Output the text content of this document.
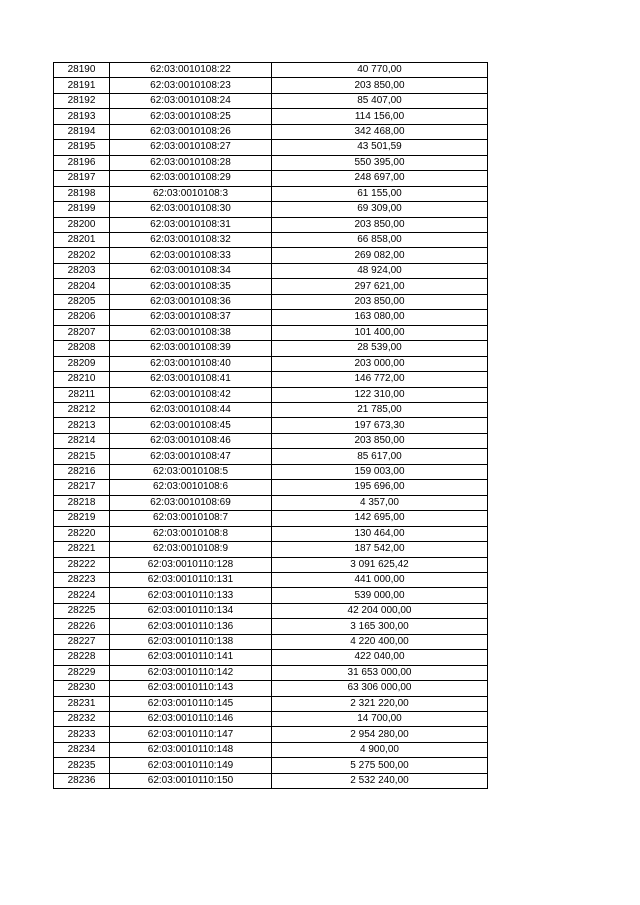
28190	62:03:0010108:22	40 770,00
28191	62:03:0010108:23	203 850,00
28192	62:03:0010108:24	85 407,00
28193	62:03:0010108:25	114 156,00
28194	62:03:0010108:26	342 468,00
28195	62:03:0010108:27	43 501,59
28196	62:03:0010108:28	550 395,00
28197	62:03:0010108:29	248 697,00
28198	62:03:0010108:3	61 155,00
28199	62:03:0010108:30	69 309,00
28200	62:03:0010108:31	203 850,00
28201	62:03:0010108:32	66 858,00
28202	62:03:0010108:33	269 082,00
28203	62:03:0010108:34	48 924,00
28204	62:03:0010108:35	297 621,00
28205	62:03:0010108:36	203 850,00
28206	62:03:0010108:37	163 080,00
28207	62:03:0010108:38	101 400,00
28208	62:03:0010108:39	28 539,00
28209	62:03:0010108:40	203 000,00
28210	62:03:0010108:41	146 772,00
28211	62:03:0010108:42	122 310,00
28212	62:03:0010108:44	21 785,00
28213	62:03:0010108:45	197 673,30
28214	62:03:0010108:46	203 850,00
28215	62:03:0010108:47	85 617,00
28216	62:03:0010108:5	159 003,00
28217	62:03:0010108:6	195 696,00
28218	62:03:0010108:69	4 357,00
28219	62:03:0010108:7	142 695,00
28220	62:03:0010108:8	130 464,00
28221	62:03:0010108:9	187 542,00
28222	62:03:0010110:128	3 091 625,42
28223	62:03:0010110:131	441 000,00
28224	62:03:0010110:133	539 000,00
28225	62:03:0010110:134	42 204 000,00
28226	62:03:0010110:136	3 165 300,00
28227	62:03:0010110:138	4 220 400,00
28228	62:03:0010110:141	422 040,00
28229	62:03:0010110:142	31 653 000,00
28230	62:03:0010110:143	63 306 000,00
28231	62:03:0010110:145	2 321 220,00
28232	62:03:0010110:146	14 700,00
28233	62:03:0010110:147	2 954 280,00
28234	62:03:0010110:148	4 900,00
28235	62:03:0010110:149	5 275 500,00
28236	62:03:0010110:150	2 532 240,00
